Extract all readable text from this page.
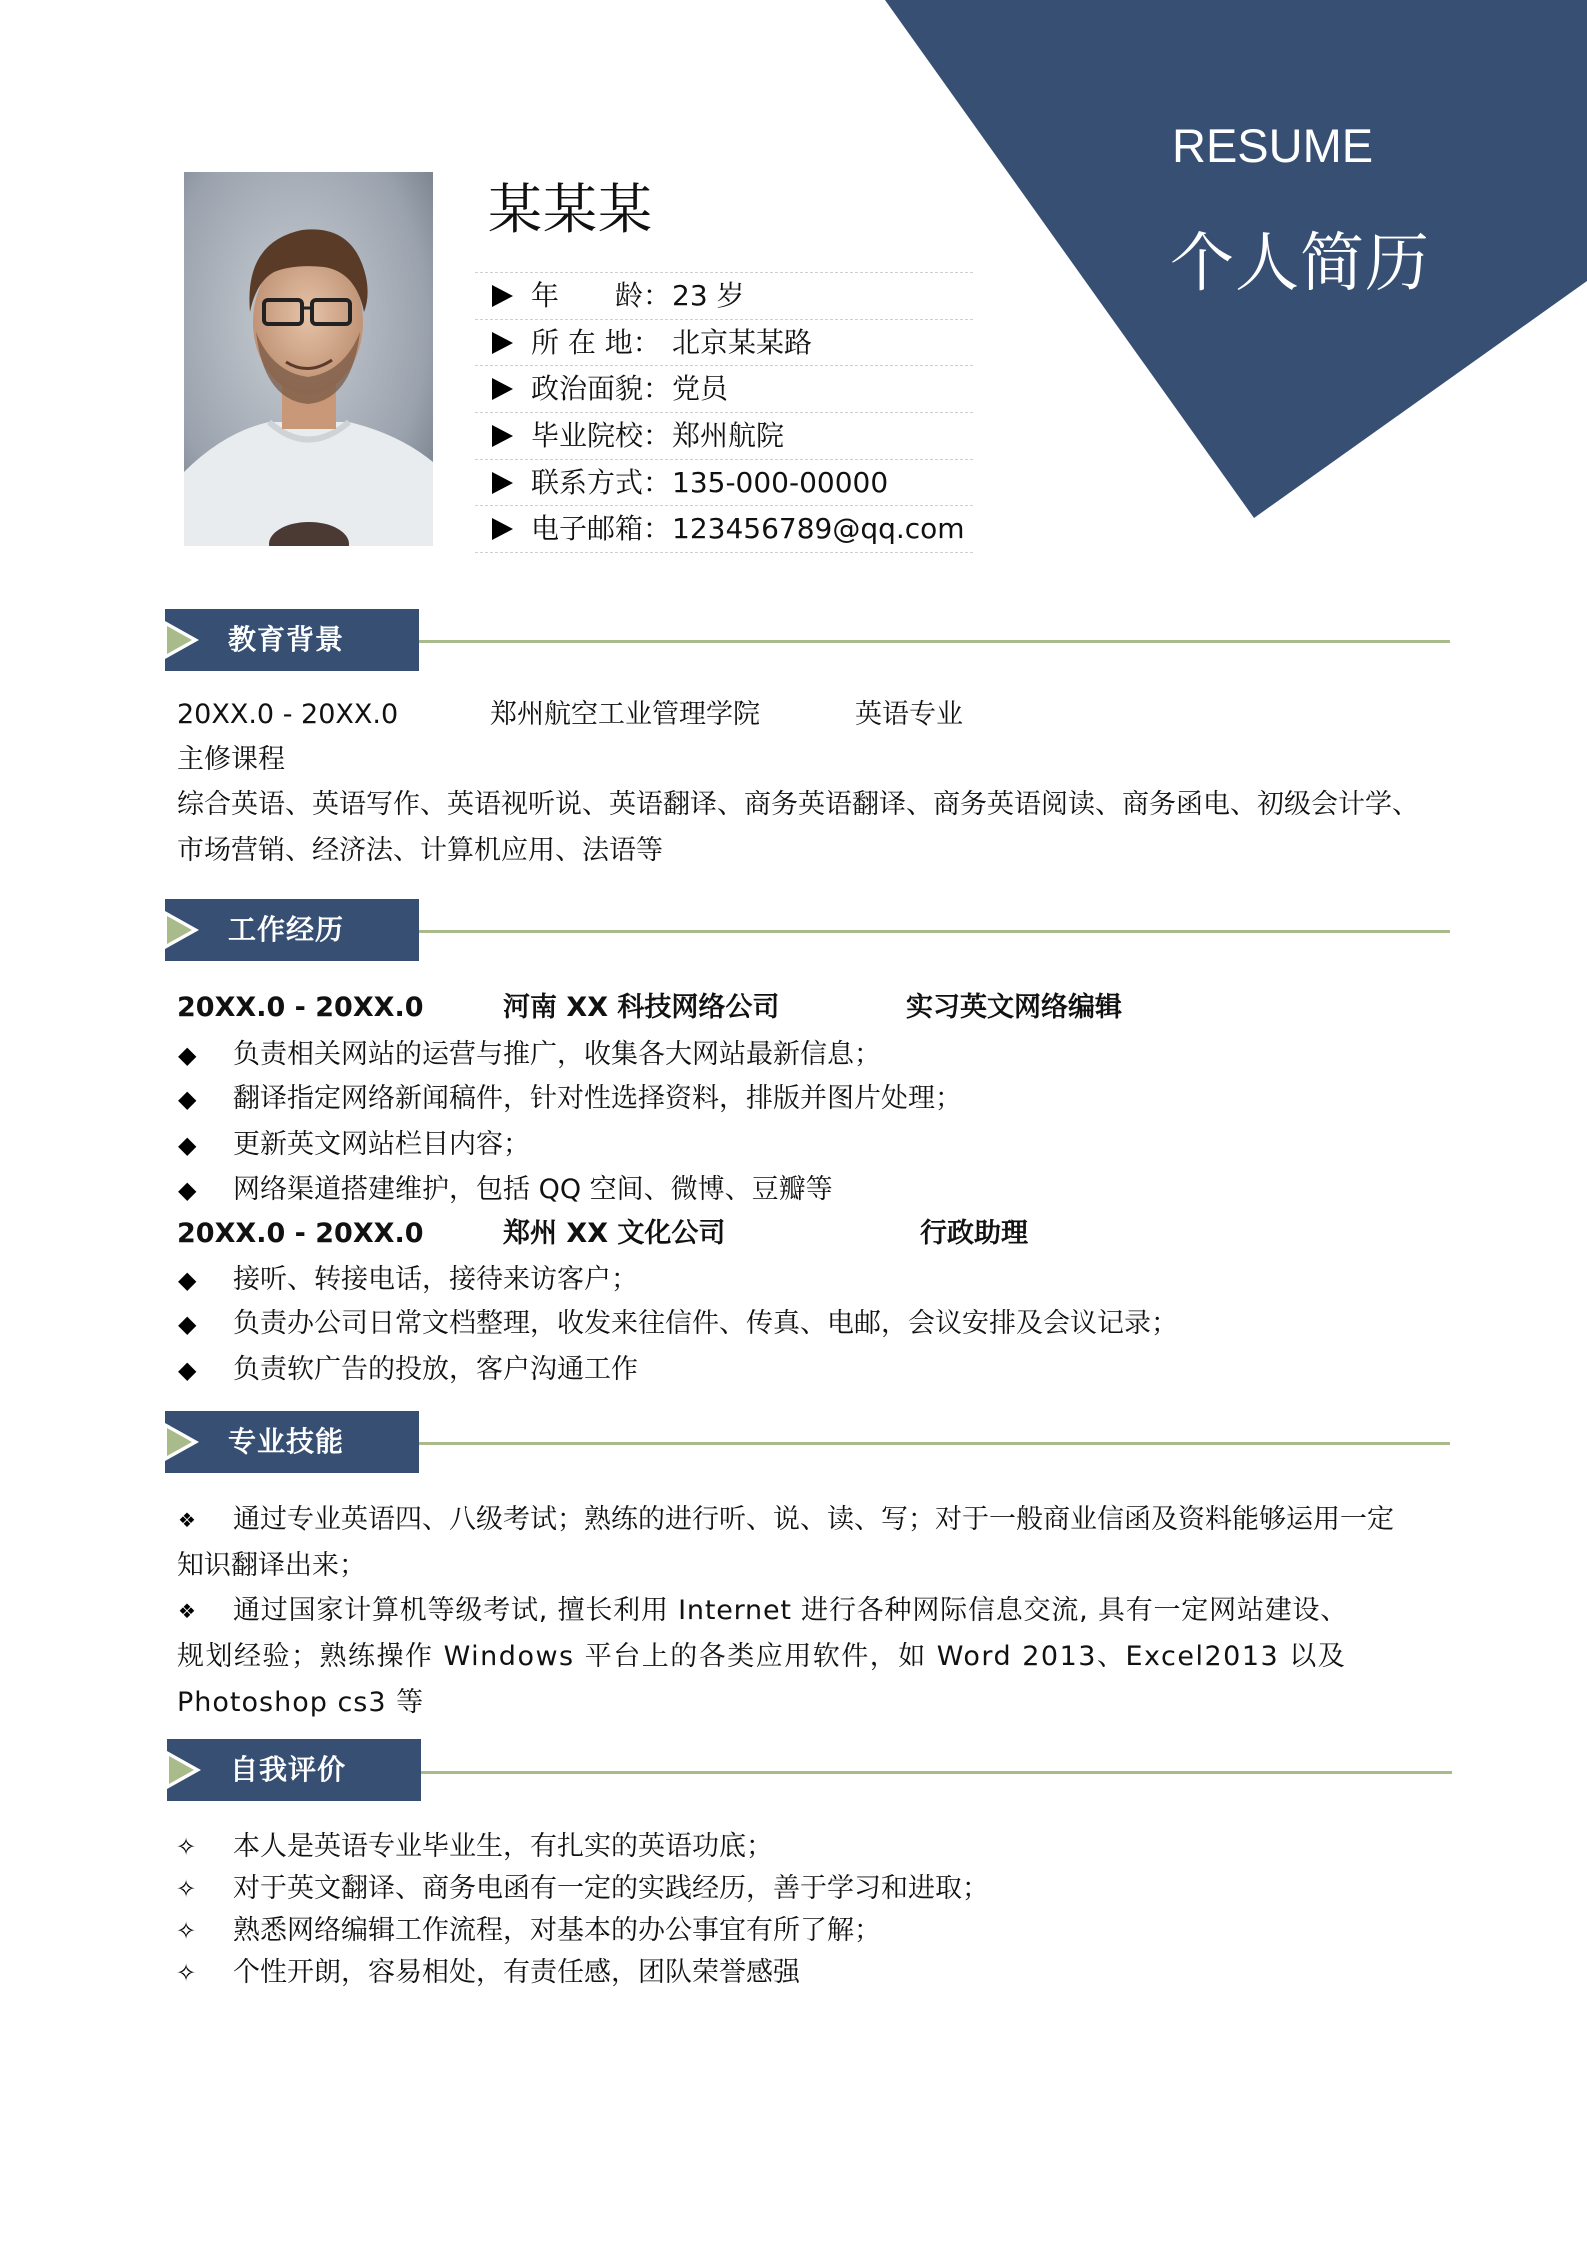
RESUME
个人简历
某某某
年　　龄： 23 岁
所 在 地： 北京某某路
政治面貌： 党员
毕业院校： 郑州航院
联系方式： 135-000-00000
电子邮箱： 123456789@qq.com
教育背景
20XX.0 - 20XX.0	郑州航空工业管理学院	英语专业
主修课程
综合英语、英语写作、英语视听说、英语翻译、商务英语翻译、商务英语阅读、商务函电、初级会计学、
市场营销、经济法、计算机应用、法语等
工作经历
20XX.0 - 20XX.0	河南 XX 科技网络公司	实习英文网络编辑
◆ 负责相关网站的运营与推广，收集各大网站最新信息；
◆ 翻译指定网络新闻稿件，针对性选择资料，排版并图片处理；
◆ 更新英文网站栏目内容；
◆ 网络渠道搭建维护，包括 QQ 空间、微博、豆瓣等
20XX.0 - 20XX.0	郑州 XX 文化公司	行政助理
◆ 接听、转接电话，接待来访客户；
◆ 负责办公司日常文档整理，收发来往信件、传真、电邮，会议安排及会议记录；
◆ 负责软广告的投放，客户沟通工作
专业技能
❖ 通过专业英语四、八级考试；熟练的进行听、说、读、写；对于一般商业信函及资料能够运用一定
知识翻译出来；
❖ 通过国家计算机等级考试, 擅长利用 Internet 进行各种网际信息交流, 具有一定网站建设、
规划经验；熟练操作 Windows 平台上的各类应用软件，如 Word 2013、Excel2013 以及
Photoshop cs3 等
自我评价
✧ 本人是英语专业毕业生，有扎实的英语功底；
✧ 对于英文翻译、商务电函有一定的实践经历，善于学习和进取；
✧ 熟悉网络编辑工作流程，对基本的办公事宜有所了解；
✧ 个性开朗，容易相处，有责任感，团队荣誉感强
